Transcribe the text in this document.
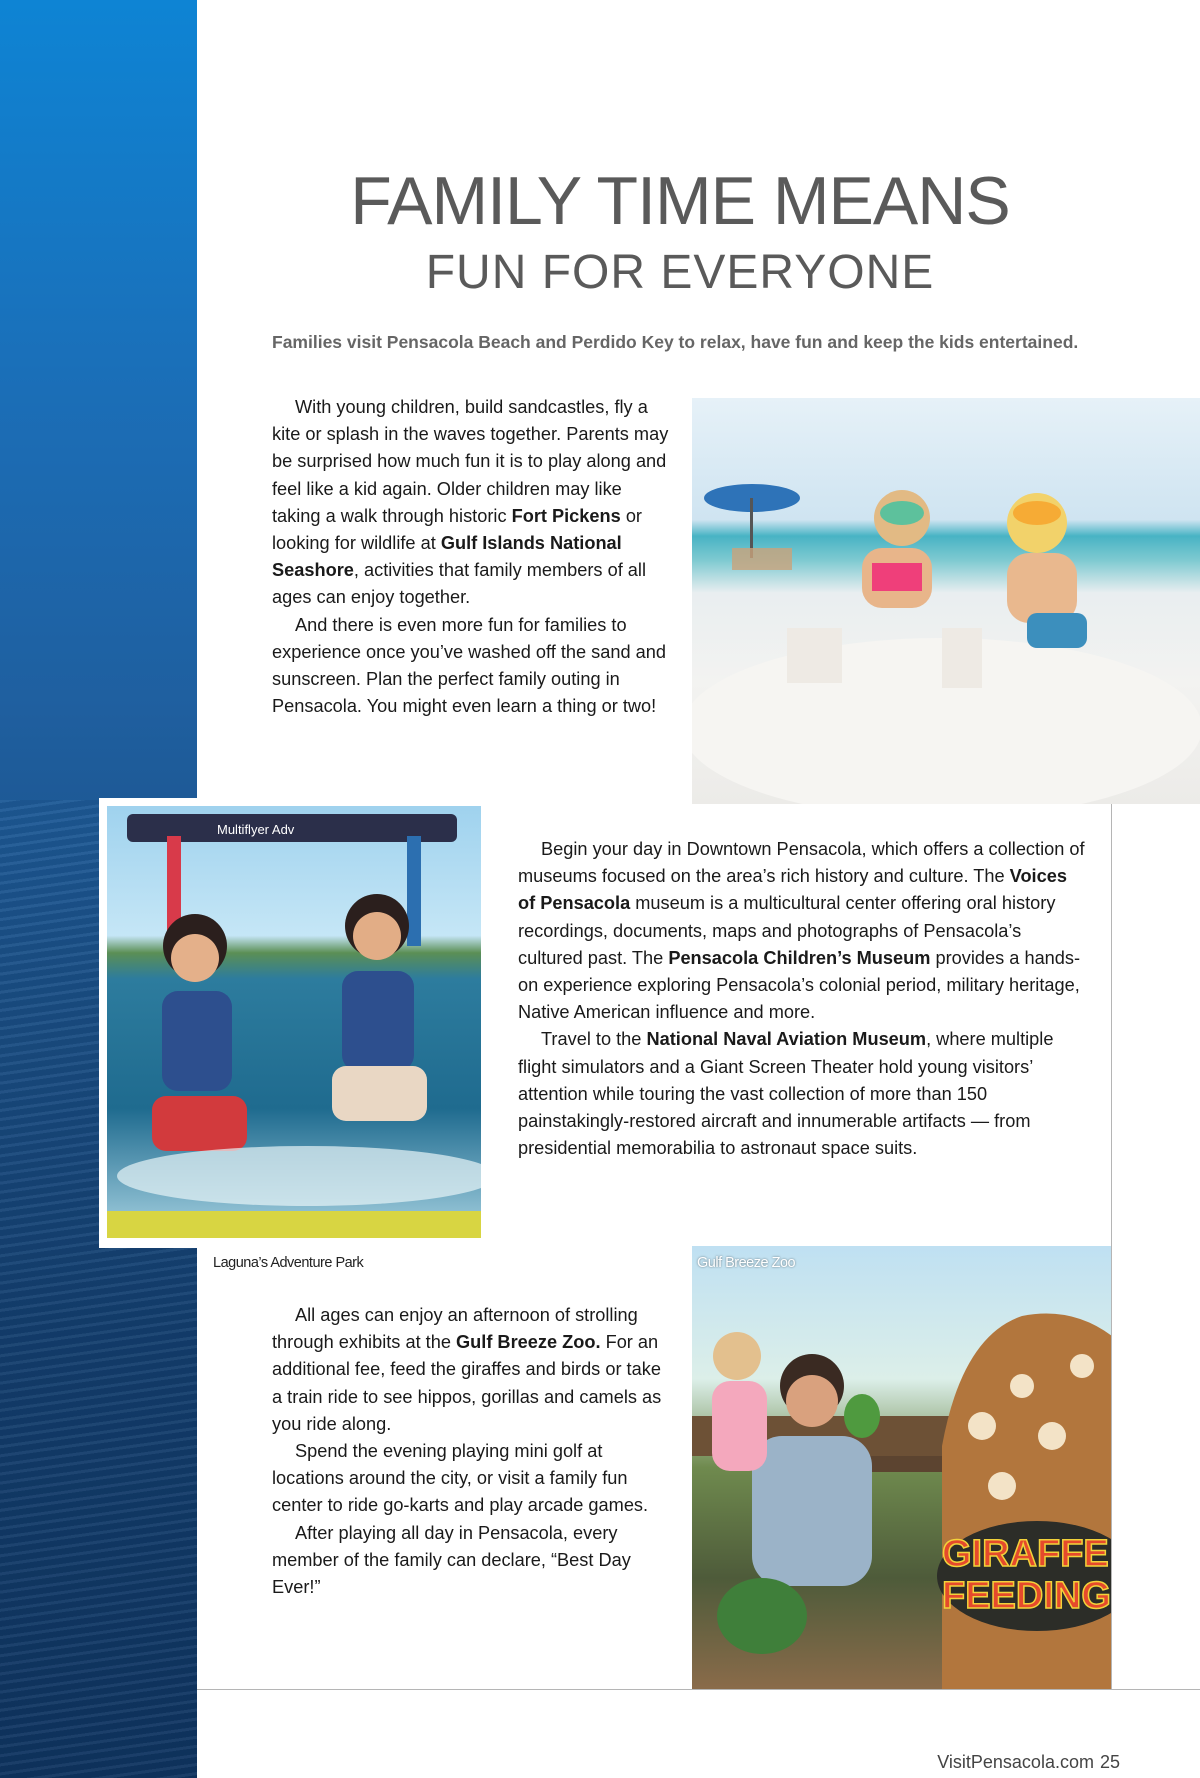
FAMILY TIME MEANS
FUN FOR EVERYONE

Families visit Pensacola Beach and Perdido Key to relax, have fun and keep the kids entertained.

With young children, build sandcastles, fly a kite or splash in the waves together. Parents may be surprised how much fun it is to play along and feel like a kid again. Older children may like taking a walk through historic Fort Pickens or looking for wildlife at Gulf Islands National Seashore, activities that family members of all ages can enjoy together.

And there is even more fun for families to experience once you’ve washed off the sand and sunscreen. Plan the perfect family outing in Pensacola. You might even learn a thing or two!

Multiflyer Adv

Begin your day in Downtown Pensacola, which offers a collection of museums focused on the area’s rich history and culture. The Voices of Pensacola museum is a multicultural center offering oral history recordings, documents, maps and photographs of Pensacola’s cultured past. The Pensacola Children’s Museum provides a hands-on experience exploring Pensacola’s colonial period, military heritage, Native American influence and more.

Travel to the National Naval Aviation Museum, where multiple flight simulators and a Giant Screen Theater hold young visitors’ attention while touring the vast collection of more than 150 painstakingly-restored aircraft and innumerable artifacts — from presidential memorabilia to astronaut space suits.

Laguna’s Adventure Park

GIRAFFE
FEEDING

Gulf Breeze Zoo

All ages can enjoy an afternoon of strolling through exhibits at the Gulf Breeze Zoo. For an additional fee, feed the giraffes and birds or take a train ride to see hippos, gorillas and camels as you ride along.

Spend the evening playing mini golf at locations around the city, or visit a family fun center to ride go-karts and play arcade games.

After playing all day in Pensacola, every member of the family can declare, “Best Day Ever!”

VisitPensacola.com 25
